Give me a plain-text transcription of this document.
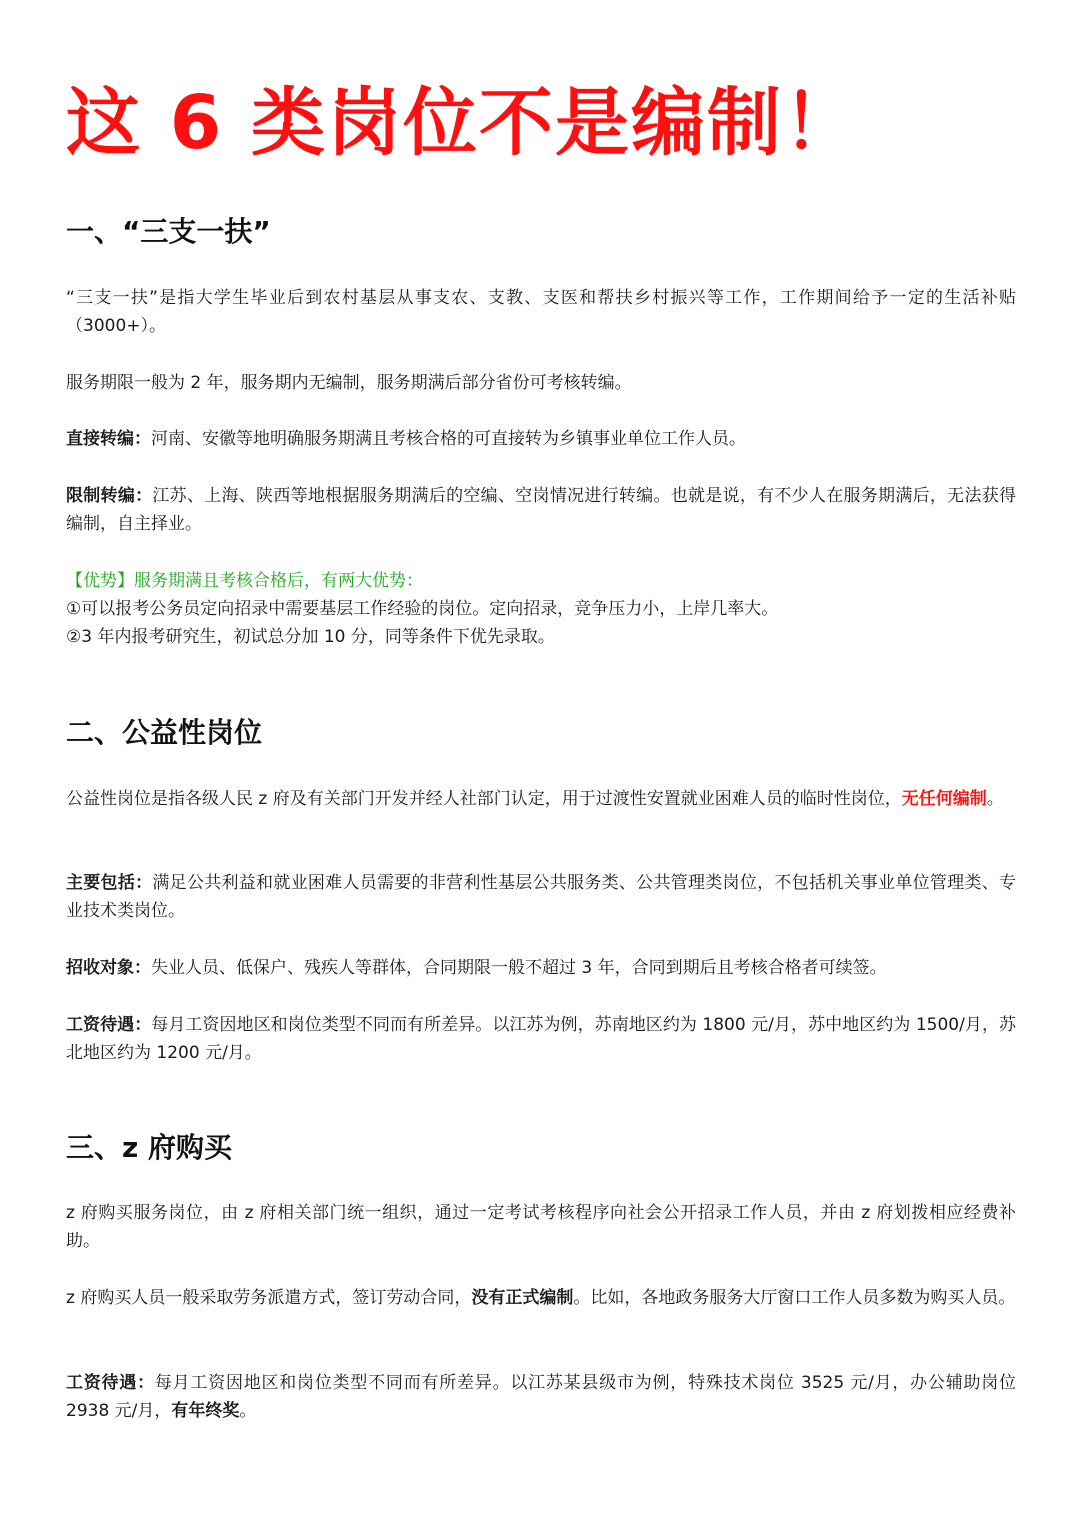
这 6 类岗位不是编制！
一、“三支一扶”

“三支一扶”是指大学生毕业后到农村基层从事支农、支教、支医和帮扶乡村振兴等工作，工作期间给予一定的生活补贴（3000+）。

服务期限一般为 2 年，服务期内无编制，服务期满后部分省份可考核转编。

直接转编：河南、安徽等地明确服务期满且考核合格的可直接转为乡镇事业单位工作人员。

限制转编：江苏、上海、陕西等地根据服务期满后的空编、空岗情况进行转编。也就是说，有不少人在服务期满后，无法获得编制，自主择业。

【优势】服务期满且考核合格后，有两大优势：
①可以报考公务员定向招录中需要基层工作经验的岗位。定向招录，竞争压力小，上岸几率大。
②3 年内报考研究生，初试总分加 10 分，同等条件下优先录取。
二、公益性岗位

公益性岗位是指各级人民 z 府及有关部门开发并经人社部门认定，用于过渡性安置就业困难人员的临时性岗位，无任何编制。

主要包括：满足公共利益和就业困难人员需要的非营利性基层公共服务类、公共管理类岗位，不包括机关事业单位管理类、专业技术类岗位。

招收对象：失业人员、低保户、残疾人等群体，合同期限一般不超过 3 年，合同到期后且考核合格者可续签。

工资待遇：每月工资因地区和岗位类型不同而有所差异。以江苏为例，苏南地区约为 1800 元/月，苏中地区约为 1500/月，苏北地区约为 1200 元/月。

三、z 府购买

z 府购买服务岗位，由 z 府相关部门统一组织，通过一定考试考核程序向社会公开招录工作人员，并由 z 府划拨相应经费补助。

z 府购买人员一般采取劳务派遣方式，签订劳动合同，没有正式编制。比如，各地政务服务大厅窗口工作人员多数为购买人员。

工资待遇：每月工资因地区和岗位类型不同而有所差异。以江苏某县级市为例，特殊技术岗位 3525 元/月，办公辅助岗位 2938 元/月，有年终奖。
